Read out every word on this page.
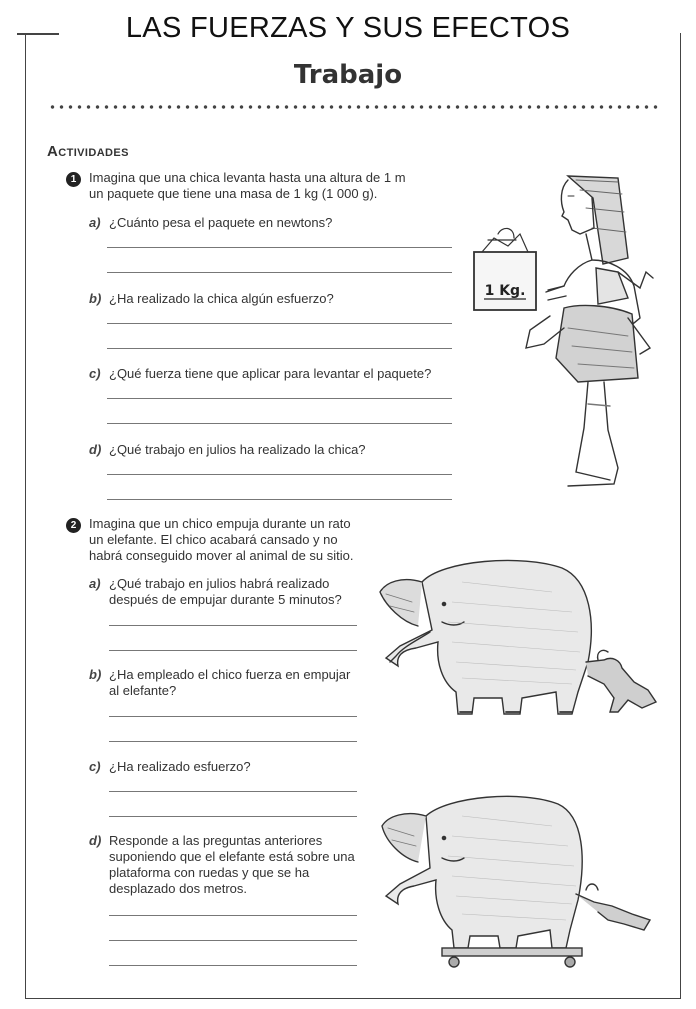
LAS FUERZAS Y SUS EFECTOS
Trabajo
Actividades
1 Imagina que una chica levanta hasta una altura de 1 m
un paquete que tiene una masa de 1 kg (1 000 g).
a) ¿Cuánto pesa el paquete en newtons?
b) ¿Ha realizado la chica algún esfuerzo?
c) ¿Qué fuerza tiene que aplicar para levantar el paquete?
d) ¿Qué trabajo en julios ha realizado la chica?
1 Kg.
2 Imagina que un chico empuja durante un rato
un elefante. El chico acabará cansado y no
habrá conseguido mover al animal de su sitio.
a) ¿Qué trabajo en julios habrá realizado
después de empujar durante 5 minutos?
b) ¿Ha empleado el chico fuerza en empujar
al elefante?
c) ¿Ha realizado esfuerzo?
d) Responde a las preguntas anteriores
suponiendo que el elefante está sobre una
plataforma con ruedas y que se ha
desplazado dos metros.
